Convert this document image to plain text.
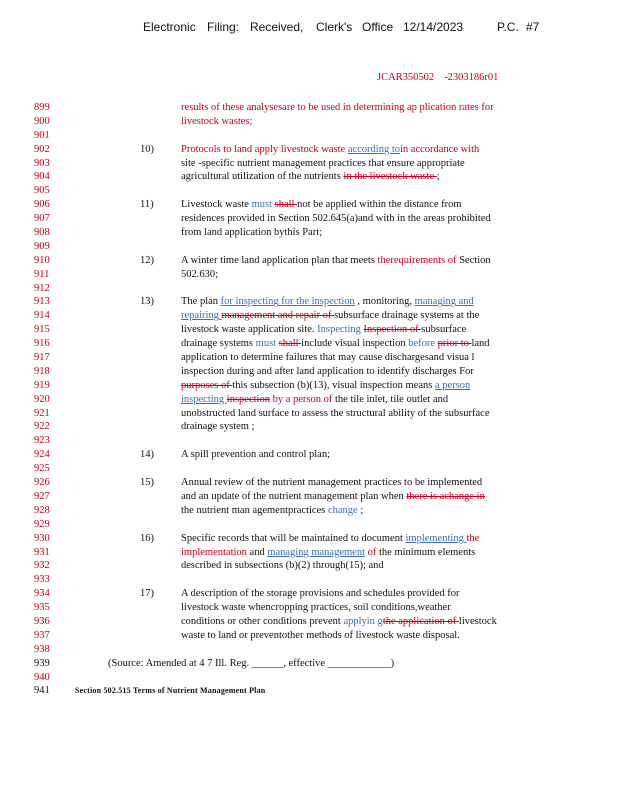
Electronic Filing: Received, Clerk's Office 12/14/2023	P.C. #7
JCAR350502 -2303186r01
899	results of these analysesare to be used in determining ap plication rates for
900	livestock wastes;
901
902	10)	Protocols to land apply livestock waste according toin accordance with
903	site -specific nutrient management practices that ensure appropriate
904	agricultural utilization of the nutrients in the livestock waste ;
905
906	11)	Livestock waste must shall not be applied within the distance from
907	residences provided in Section 502.645(a)and with in the areas prohibited
908	from land application bythis Part;
909
910	12)	A winter time land application plan that meets therequirements of Section
911	502.630;
912
913	13)	The plan for inspecting for the inspection , monitoring, managing and
914	repairing management and repair of subsurface drainage systems at the
915	livestock waste application site. Inspecting Inspection of subsurface
916	drainage systems must shall include visual inspection before prior to land
917	application to determine failures that may cause dischargesand visua l
918	inspection during and after land application to identify discharges For
919	purposes of this subsection (b)(13), visual inspection means a person
920	inspecting inspection by a person of the tile inlet, tile outlet and
921	unobstructed land surface to assess the structural ability of the subsurface
922	drainage system ;
923
924	14)	A spill prevention and control plan;
925
926	15)	Annual review of the nutrient management practices to be implemented
927	and an update of the nutrient management plan when there is achange in
928	the nutrient man agementpractices change ;
929
930	16)	Specific records that will be maintained to document implementing the
931	implementation and managing management of the minimum elements
932	described in subsections (b)(2) through(15); and
933
934	17)	A description of the storage provisions and schedules provided for
935	livestock waste whencropping practices, soil conditions,weather
936	conditions or other conditions prevent applyin gthe application of livestock
937	waste to land or preventother methods of livestock waste disposal.
938
939	(Source: Amended at 4 7 Ill. Reg. ______, effective ____________)
940
941	Section 502.515 Terms of Nutrient Management Plan
